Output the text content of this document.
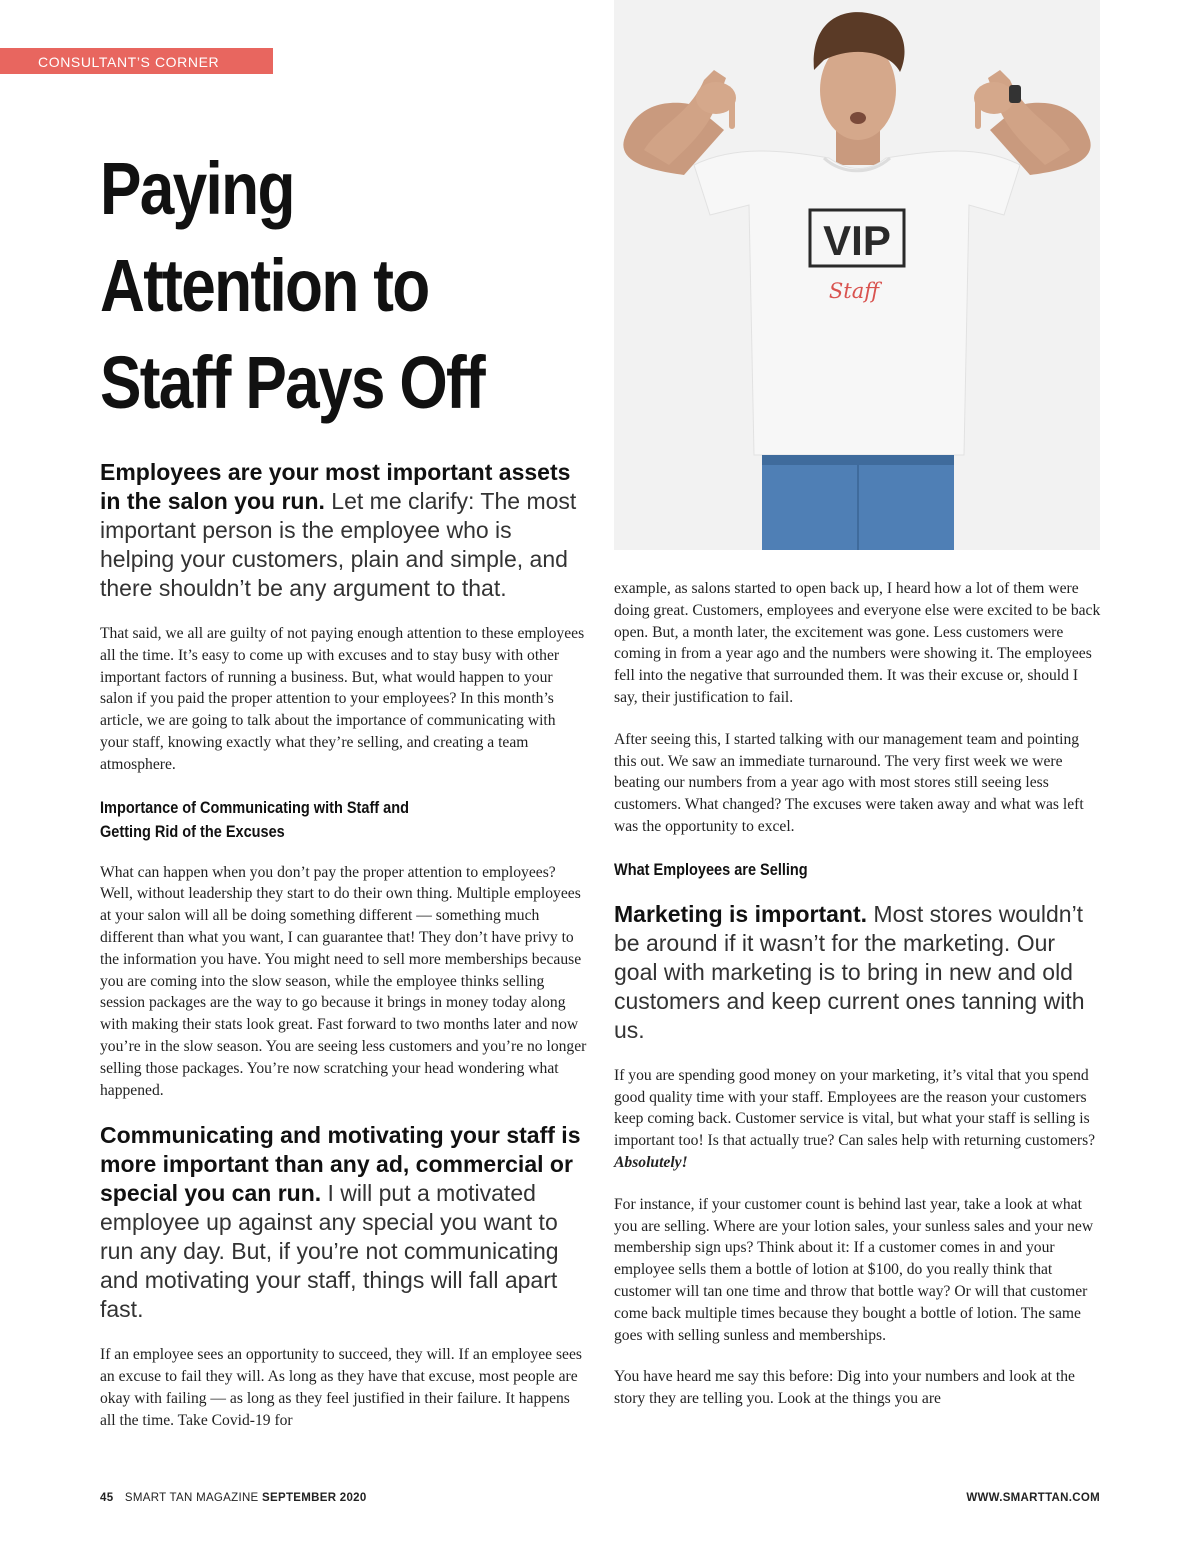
CONSULTANT’S CORNER
Paying
Attention to
Staff Pays Off
VIP
Staff

Employees are your most important assets in the salon you run. Let me clarify: The most important person is the employee who is helping your customers, plain and simple, and there shouldn’t be any argument to that.

That said, we all are guilty of not paying enough attention to these employees all the time. It’s easy to come up with excuses and to stay busy with other important factors of running a business. But, what would happen to your salon if you paid the proper attention to your employees? In this month’s article, we are going to talk about the importance of communicating with your staff, knowing exactly what they’re selling, and creating a team atmosphere.

Importance of Communicating with Staff and
Getting Rid of the Excuses

What can happen when you don’t pay the proper attention to employees? Well, without leadership they start to do their own thing. Multiple employees at your salon will all be doing something different — something much different than what you want, I can guarantee that! They don’t have privy to the information you have. You might need to sell more memberships because you are coming into the slow season, while the employee thinks selling session packages are the way to go because it brings in money today along with making their stats look great. Fast forward to two months later and now you’re in the slow season. You are seeing less customers and you’re no longer selling those packages. You’re now scratching your head wondering what happened.

Communicating and motivating your staff is more important than any ad, commercial or special you can run. I will put a motivated employee up against any special you want to run any day. But, if you’re not communicating and motivating your staff, things will fall apart fast.

If an employee sees an opportunity to succeed, they will. If an employee sees an excuse to fail they will. As long as they have that excuse, most people are okay with failing — as long as they feel justified in their failure. It happens all the time. Take Covid-19 for

example, as salons started to open back up, I heard how a lot of them were doing great. Customers, employees and everyone else were excited to be back open. But, a month later, the excitement was gone. Less customers were coming in from a year ago and the numbers were showing it. The employees fell into the negative that surrounded them. It was their excuse or, should I say, their justification to fail.

After seeing this, I started talking with our management team and pointing this out. We saw an immediate turnaround. The very first week we were beating our numbers from a year ago with most stores still seeing less customers. What changed? The excuses were taken away and what was left was the opportunity to excel.

What Employees are Selling

Marketing is important. Most stores wouldn’t be around if it wasn’t for the marketing. Our goal with marketing is to bring in new and old customers and keep current ones tanning with us.

If you are spending good money on your marketing, it’s vital that you spend good quality time with your staff. Employees are the reason your customers keep coming back. Customer service is vital, but what your staff is selling is important too! Is that actually true? Can sales help with returning customers? Absolutely!

For instance, if your customer count is behind last year, take a look at what you are selling. Where are your lotion sales, your sunless sales and your new membership sign ups? Think about it: If a customer comes in and your employee sells them a bottle of lotion at $100, do you really think that customer will tan one time and throw that bottle way? Or will that customer come back multiple times because they bought a bottle of lotion. The same goes with selling sunless and memberships.

You have heard me say this before: Dig into your numbers and look at the story they are telling you. Look at the things you are

45 SMART TAN MAGAZINE SEPTEMBER 2020	WWW.SMARTTAN.COM
